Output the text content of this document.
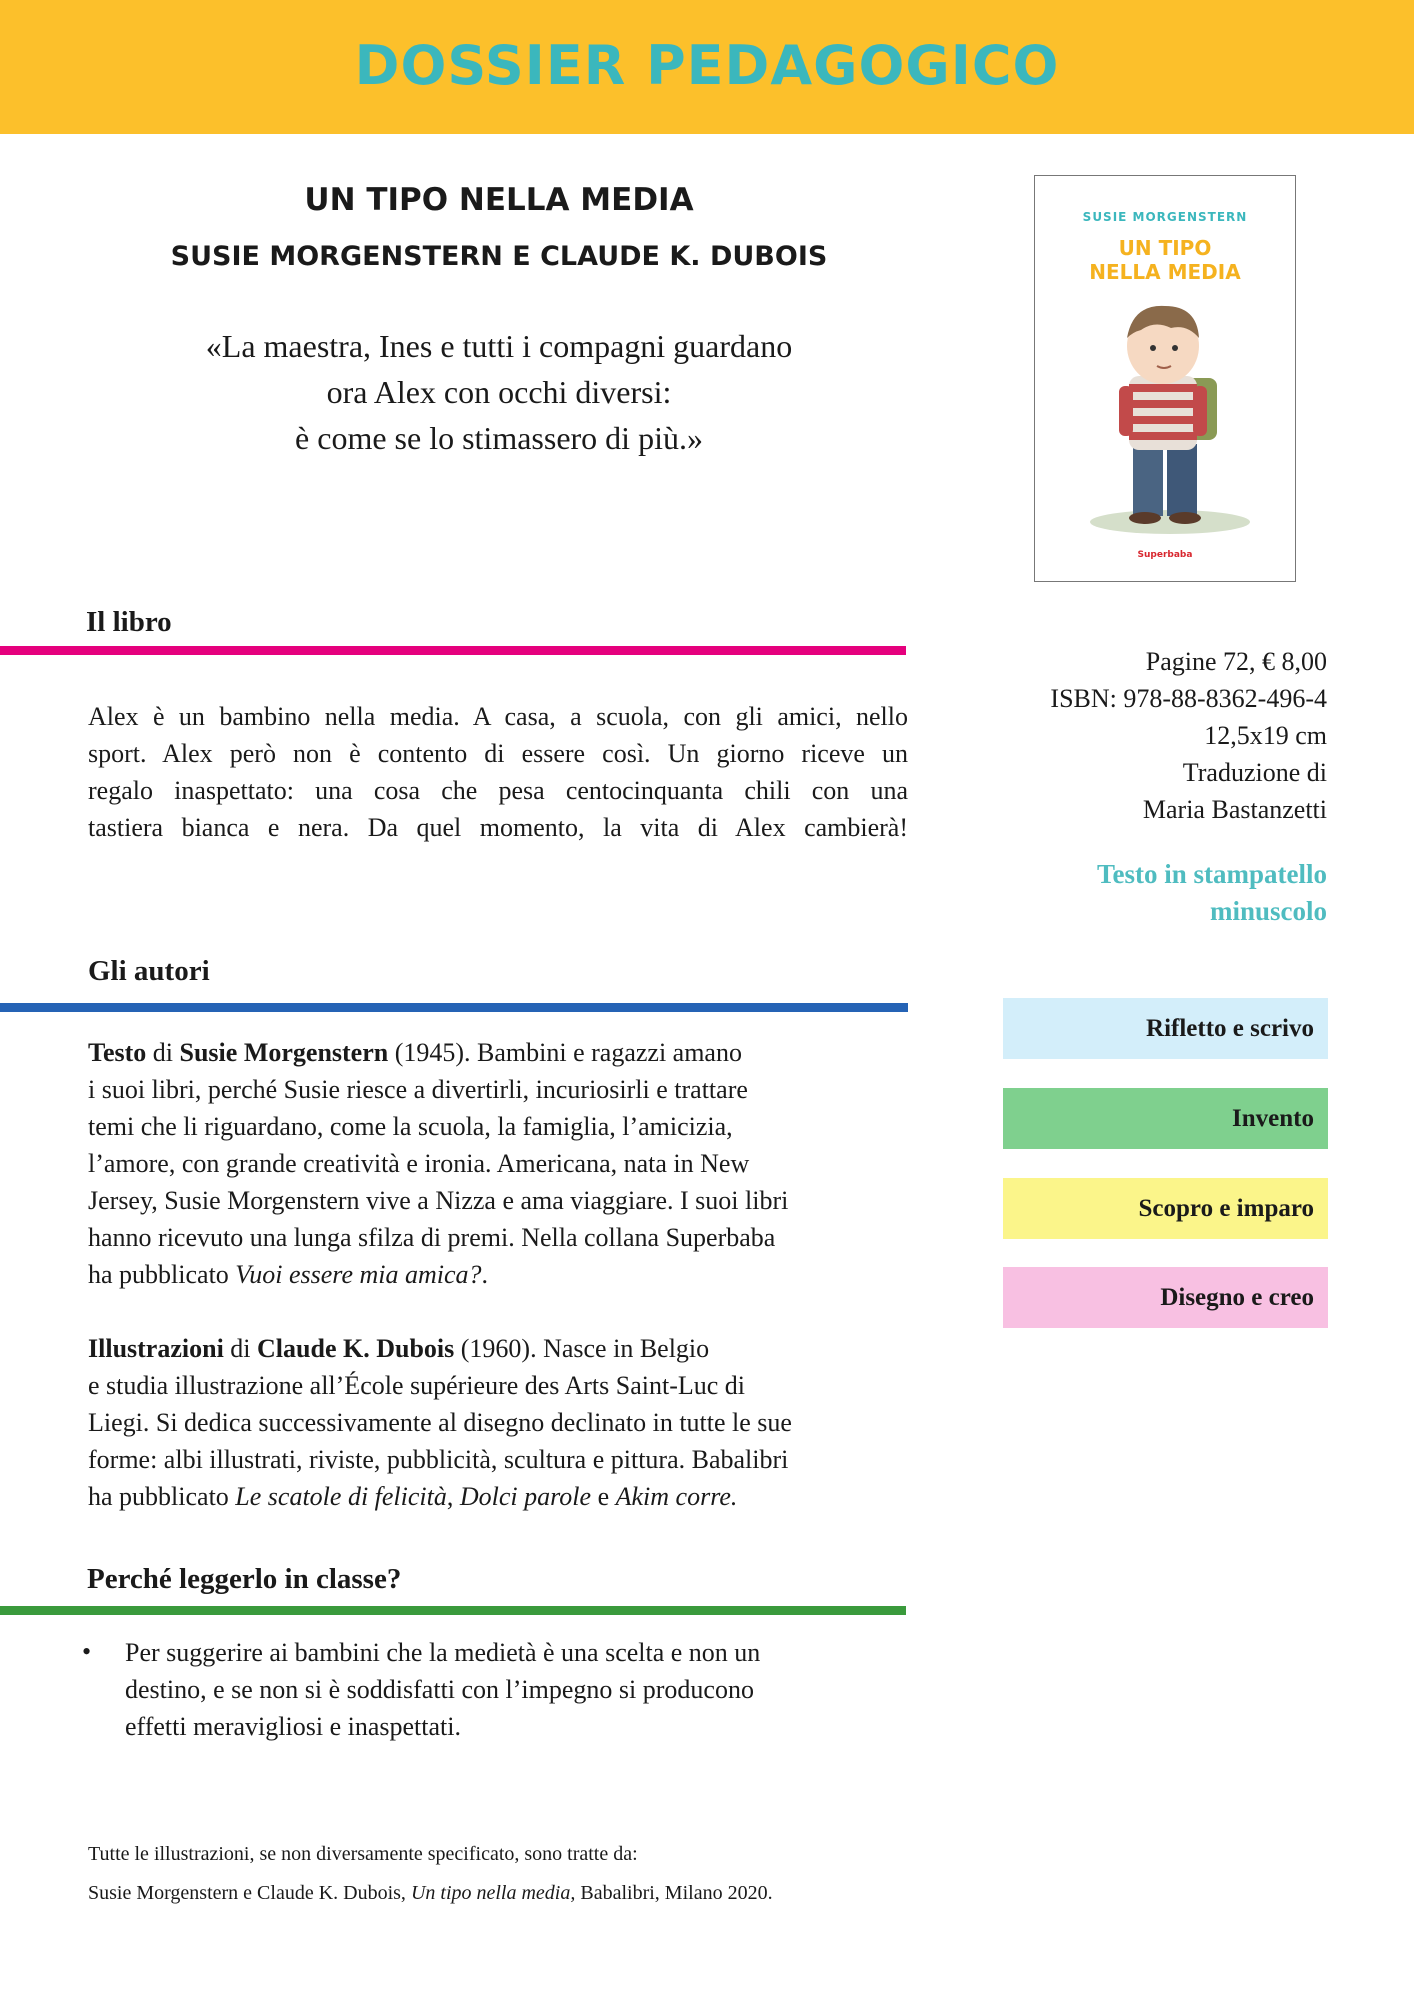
DOSSIER PEDAGOGICO
UN TIPO NELLA MEDIA
SUSIE MORGENSTERN E CLAUDE K. DUBOIS
«La maestra, Ines e tutti i compagni guardano
ora Alex con occhi diversi:
è come se lo stimassero di più.»
SUSIE MORGENSTERN
UN TIPO
NELLA MEDIA
Superbaba
Il libro
Alex è un bambino nella media. A casa, a scuola, con gli amici, nello
sport. Alex però non è contento di essere così. Un giorno riceve un
regalo inaspettato: una cosa che pesa centocinquanta chili con una
tastiera bianca e nera. Da quel momento, la vita di Alex cambierà!
Pagine 72, € 8,00
ISBN: 978-88-8362-496-4
12,5x19 cm
Traduzione di
Maria Bastanzetti
Testo in stampatello
minuscolo
Rifletto e scrivo
Invento
Scopro e imparo
Disegno e creo
Gli autori
Testo di Susie Morgenstern (1945). Bambini e ragazzi amano
i suoi libri, perché Susie riesce a divertirli, incuriosirli e trattare
temi che li riguardano, come la scuola, la famiglia, l’amicizia,
l’amore, con grande creatività e ironia. Americana, nata in New
Jersey, Susie Morgenstern vive a Nizza e ama viaggiare. I suoi libri
hanno ricevuto una lunga sfilza di premi. Nella collana Superbaba
ha pubblicato Vuoi essere mia amica?.
Illustrazioni di Claude K. Dubois (1960). Nasce in Belgio
e studia illustrazione all’École supérieure des Arts Saint-Luc di
Liegi. Si dedica successivamente al disegno declinato in tutte le sue
forme: albi illustrati, riviste, pubblicità, scultura e pittura. Babalibri
ha pubblicato Le scatole di felicità, Dolci parole e Akim corre.
Perché leggerlo in classe?
• Per suggerire ai bambini che la medietà è una scelta e non un
destino, e se non si è soddisfatti con l’impegno si producono
effetti meravigliosi e inaspettati.
Tutte le illustrazioni, se non diversamente specificato, sono tratte da:
Susie Morgenstern e Claude K. Dubois, Un tipo nella media, Babalibri, Milano 2020.
